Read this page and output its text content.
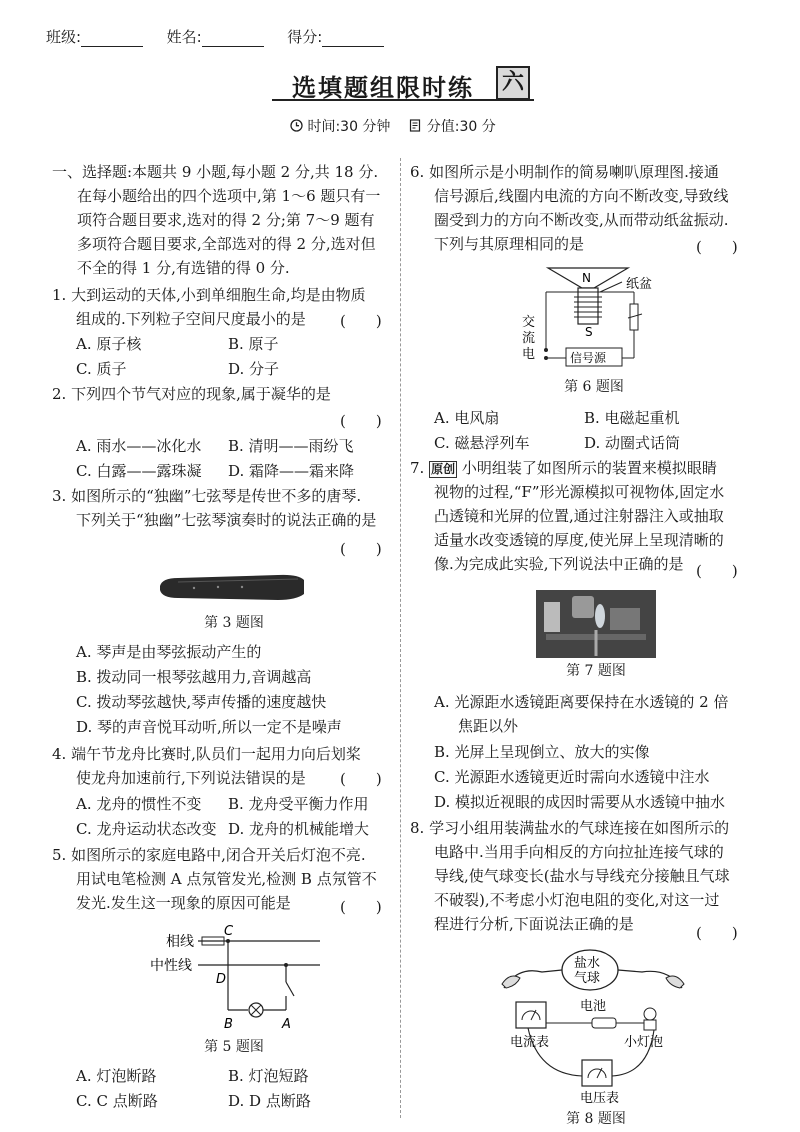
班级:	姓名:	得分:
选填题组限时练 六
时间:30 分钟	分值:30 分
一、选择题:本题共 9 小题,每小题 2 分,共 18 分.
在每小题给出的四个选项中,第 1～6 题只有一
项符合题目要求,选对的得 2 分;第 7～9 题有
多项符合题目要求,全部选对的得 2 分,选对但
不全的得 1 分,有选错的得 0 分.
1. 大到运动的天体,小到单细胞生命,均是由物质
组成的.下列粒子空间尺度最小的是	(　　)
A. 原子核	B. 原子
C. 质子	D. 分子
2. 下列四个节气对应的现象,属于凝华的是
(　　)
A. 雨水——冰化水 B. 清明——雨纷飞
C. 白露——露珠凝 D. 霜降——霜来降
3. 如图所示的“独幽”七弦琴是传世不多的唐琴.
下列关于“独幽”七弦琴演奏时的说法正确的是
(　　)
第 3 题图
A. 琴声是由琴弦振动产生的
B. 拨动同一根琴弦越用力,音调越高
C. 拨动琴弦越快,琴声传播的速度越快
D. 琴的声音悦耳动听,所以一定不是噪声
4. 端午节龙舟比赛时,队员们一起用力向后划桨
使龙舟加速前行,下列说法错误的是	(　　)
A. 龙舟的惯性不变 B. 龙舟受平衡力作用
C. 龙舟运动状态改变 D. 龙舟的机械能增大
5. 如图所示的家庭电路中,闭合开关后灯泡不亮.
用试电笔检测 A 点氖管发光,检测 B 点氖管不
发光.发生这一现象的原因可能是	(　　)
相线
中性线
C
D
B	A
第 5 题图
A. 灯泡断路	B. 灯泡短路
C. C 点断路	D. D 点断路
6. 如图所示是小明制作的简易喇叭原理图.接通
信号源后,线圈内电流的方向不断改变,导致线
圈受到力的方向不断改变,从而带动纸盆振动.
下列与其原理相同的是	(　　)
N	纸盆
S
信号源
交
流
电
第 6 题图
A. 电风扇	B. 电磁起重机
C. 磁悬浮列车	D. 动圈式话筒
7. 原创 小明组装了如图所示的装置来模拟眼睛
视物的过程,“F”形光源模拟可视物体,固定水
凸透镜和光屏的位置,通过注射器注入或抽取
适量水改变透镜的厚度,使光屏上呈现清晰的
像.为完成此实验,下列说法中正确的是 (　　)
第 7 题图
A. 光源距水透镜距离要保持在水透镜的 2 倍
焦距以外
B. 光屏上呈现倒立、放大的实像
C. 光源距水透镜更近时需向水透镜中注水
D. 模拟近视眼的成因时需要从水透镜中抽水
8. 学习小组用装满盐水的气球连接在如图所示的
电路中.当用手向相反的方向拉扯连接气球的
导线,使气球变长(盐水与导线充分接触且气球
不破裂),不考虑小灯泡电阻的变化,对这一过
程进行分析,下面说法正确的是	(　　)
盐水
气球
电池
电流表	小灯泡
电压表
第 8 题图
